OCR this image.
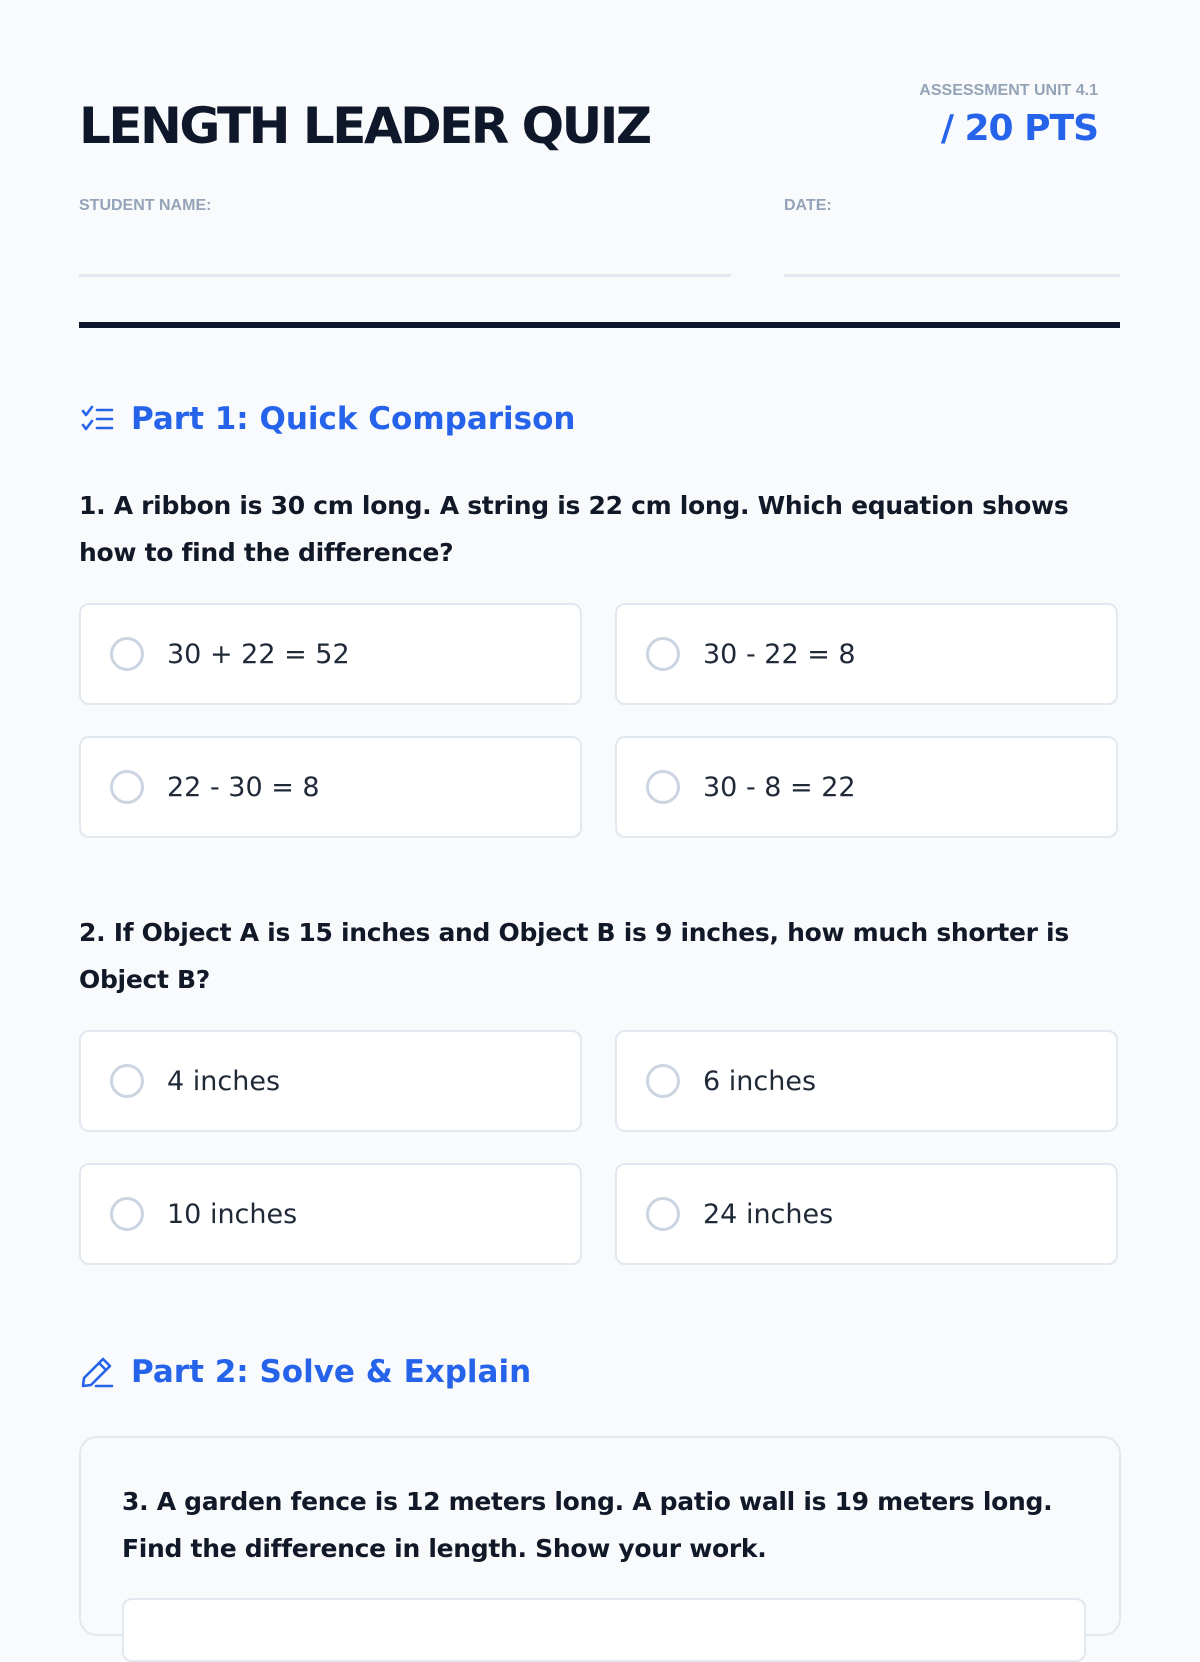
LENGTH LEADER QUIZ
ASSESSMENT UNIT 4.1
/ 20 PTS
STUDENT NAME:	DATE:
Part 1: Quick Comparison

1. A ribbon is 30 cm long. A string is 22 cm long. Which equation shows how to find the difference?

30 + 22 = 52	30 - 22 = 8
22 - 30 = 8	30 - 8 = 22

2. If Object A is 15 inches and Object B is 9 inches, how much shorter is Object B?

4 inches	6 inches
10 inches	24 inches
Part 2: Solve & Explain

3. A garden fence is 12 meters long. A patio wall is 19 meters long. Find the difference in length. Show your work.
